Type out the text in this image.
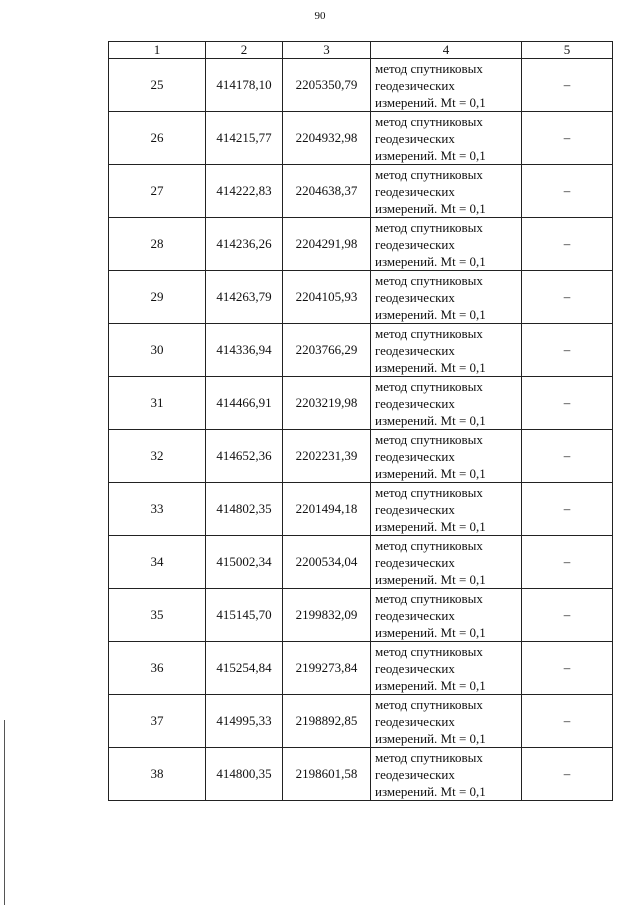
90
1	2	3	4	5
25	414178,10	2205350,79	метод спутниковых
геодезических
измерений. Mt = 0,1	–
26	414215,77	2204932,98	метод спутниковых
геодезических
измерений. Mt = 0,1	–
27	414222,83	2204638,37	метод спутниковых
геодезических
измерений. Mt = 0,1	–
28	414236,26	2204291,98	метод спутниковых
геодезических
измерений. Mt = 0,1	–
29	414263,79	2204105,93	метод спутниковых
геодезических
измерений. Mt = 0,1	–
30	414336,94	2203766,29	метод спутниковых
геодезических
измерений. Mt = 0,1	–
31	414466,91	2203219,98	метод спутниковых
геодезических
измерений. Mt = 0,1	–
32	414652,36	2202231,39	метод спутниковых
геодезических
измерений. Mt = 0,1	–
33	414802,35	2201494,18	метод спутниковых
геодезических
измерений. Mt = 0,1	–
34	415002,34	2200534,04	метод спутниковых
геодезических
измерений. Mt = 0,1	–
35	415145,70	2199832,09	метод спутниковых
геодезических
измерений. Mt = 0,1	–
36	415254,84	2199273,84	метод спутниковых
геодезических
измерений. Mt = 0,1	–
37	414995,33	2198892,85	метод спутниковых
геодезических
измерений. Mt = 0,1	–
38	414800,35	2198601,58	метод спутниковых
геодезических
измерений. Mt = 0,1	–
